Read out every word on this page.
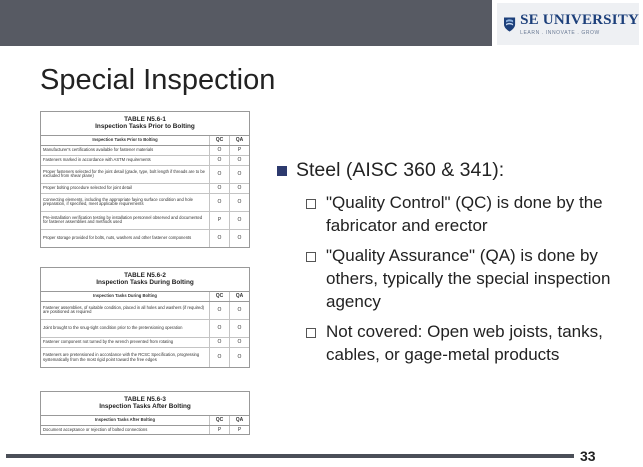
SE UNIVERSITY
LEARN . INNOVATE . GROW
Special Inspection
TABLE N5.6-1
Inspection Tasks Prior to Bolting
Inspection Tasks Prior to Bolting	QC	QA
Manufacturer's certifications available for fastener materials	O	P
Fasteners marked in accordance with ASTM requirements	O	O
Proper fasteners selected for the joint detail (grade, type, bolt length if threads are to be excluded from shear plane)	O	O
Proper bolting procedure selected for joint detail	O	O
Connecting elements, including the appropriate faying surface condition and hole preparation, if specified, meet applicable requirements	O	O
Pre-installation verification testing by installation personnel observed and documented for fastener assemblies and methods used	P	O
Proper storage provided for bolts, nuts, washers and other fastener components	O	O
TABLE N5.6-2
Inspection Tasks During Bolting
Inspection Tasks During Bolting	QC	QA
Fastener assemblies, of suitable condition, placed in all holes and washers (if required) are positioned as required	O	O
Joint brought to the snug-tight condition prior to the pretensioning operation	O	O
Fastener component not turned by the wrench prevented from rotating	O	O
Fasteners are pretensioned in accordance with the RCSC Specification, progressing systematically from the most rigid point toward the free edges	O	O
TABLE N5.6-3
Inspection Tasks After Bolting
Inspection Tasks After Bolting	QC	QA
Document acceptance or rejection of bolted connections	P	P
Steel (AISC 360 & 341):
"Quality Control" (QC) is done by the fabricator and erector
"Quality Assurance" (QA) is done by others, typically the special inspection agency
Not covered: Open web joists, tanks, cables, or gage-metal products
33
